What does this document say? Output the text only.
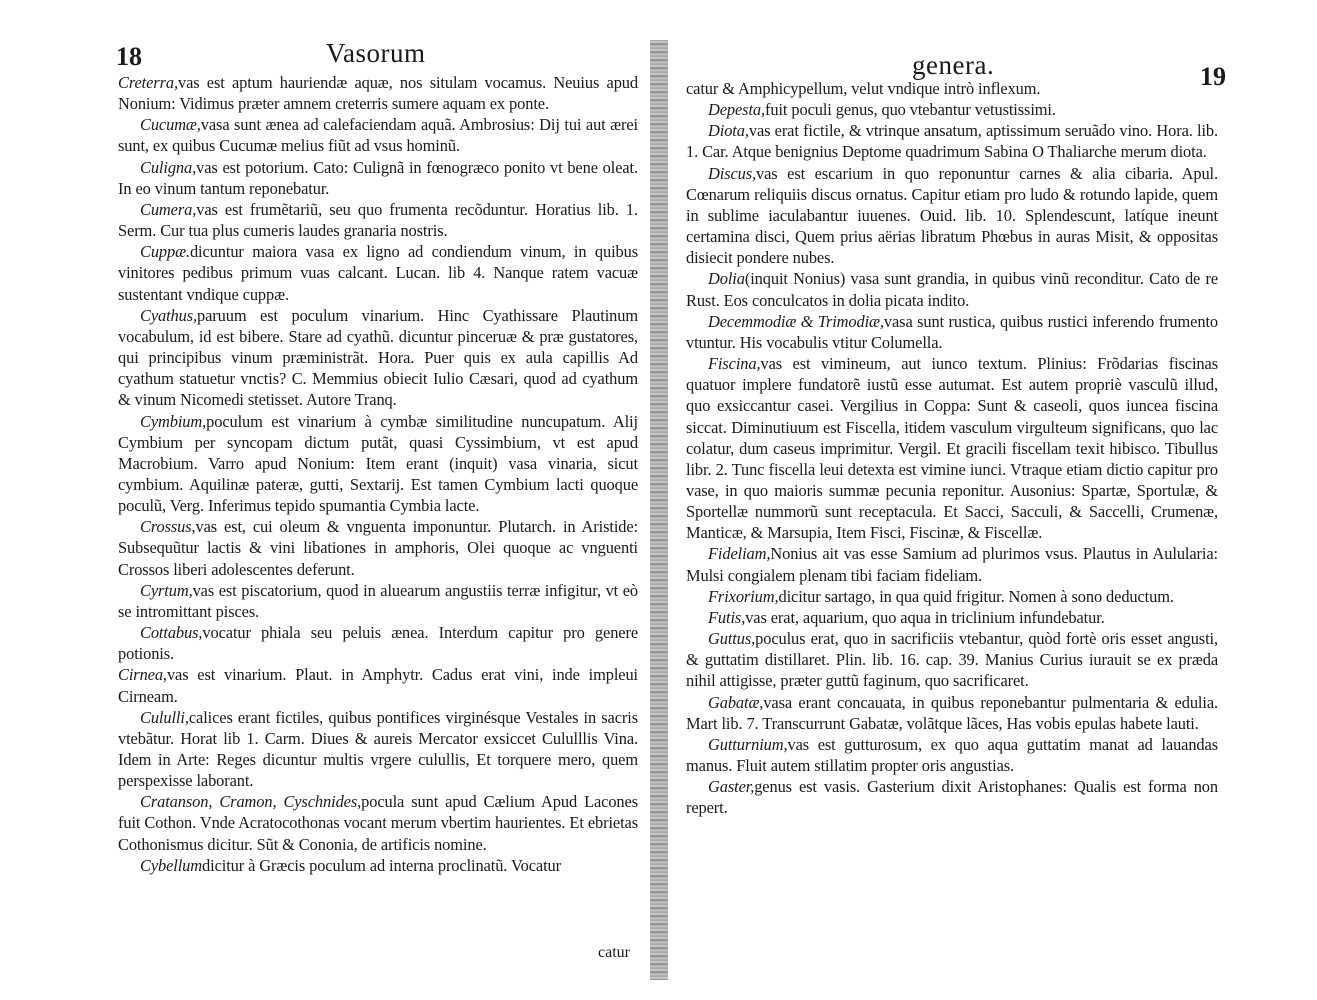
18	Vasorum

Creterra,vas est aptum hauriendæ aquæ, nos situlam vocamus. Neuius apud Nonium: Vidimus præter amnem creterris sumere aquam ex ponte.

Cucumæ,vasa sunt ænea ad calefaciendam aquã. Ambrosius: Dij tui aut ærei sunt, ex quibus Cucumæ melius fiũt ad vsus hominũ.

Culigna,vas est potorium. Cato: Culignã in fœnogræco ponito vt bene oleat. In eo vinum tantum reponebatur.

Cumera,vas est frumẽtariũ, seu quo frumenta recõduntur. Horatius lib. 1. Serm. Cur tua plus cumeris laudes granaria nostris.

Cuppæ.dicuntur maiora vasa ex ligno ad condiendum vinum, in quibus vinitores pedibus primum vuas calcant. Lucan. lib 4. Nanque ratem vacuæ sustentant vndique cuppæ.

Cyathus,paruum est poculum vinarium. Hinc Cyathissare Plautinum vocabulum, id est bibere. Stare ad cyathũ. dicuntur pinceruæ & præ gustatores, qui principibus vinum præministrãt. Hora. Puer quis ex aula capillis Ad cyathum statuetur vnctis? C. Memmius obiecit Iulio Cæsari, quod ad cyathum & vinum Nicomedi stetisset. Autore Tranq.

Cymbium,poculum est vinarium à cymbæ similitudine nuncupatum. Alij Cymbium per syncopam dictum putãt, quasi Cyssimbium, vt est apud Macrobium. Varro apud Nonium: Item erant (inquit) vasa vinaria, sicut cymbium. Aquilinæ pateræ, gutti, Sextarij. Est tamen Cymbium lacti quoque poculũ, Verg. Inferimus tepido spumantia Cymbia lacte.

Crossus,vas est, cui oleum & vnguenta imponuntur. Plutarch. in Aristide: Subsequũtur lactis & vini libationes in amphoris, Olei quoque ac vnguenti Crossos liberi adolescentes deferunt.

Cyrtum,vas est piscatorium, quod in aluearum angustiis terræ infigitur, vt eò se intromittant pisces.

Cottabus,vocatur phiala seu peluis ænea. Interdum capitur pro genere potionis.

Cirnea,vas est vinarium. Plaut. in Amphytr. Cadus erat vini, inde impleui Cirneam.

Cululli,calices erant fictiles, quibus pontifices virginésque Vestales in sacris vtebãtur. Horat lib 1. Carm. Diues & aureis Mercator exsiccet Cululllis Vina. Idem in Arte: Reges dicuntur multis vrgere culullis, Et torquere mero, quem perspexisse laborant.

Cratanson, Cramon, Cyschnides,pocula sunt apud Cælium Apud Lacones fuit Cothon. Vnde Acratocothonas vocant merum vbertim haurientes. Et ebrietas Cothonismus dicitur. Sũt & Cononia, de artificis nomine.

Cybellumdicitur à Græcis poculum ad interna proclinatũ. Vocatur

catur
genera.	19

catur & Amphicypellum, velut vndique intrò inflexum.

Depesta,fuit poculi genus, quo vtebantur vetustissimi.

Diota,vas erat fictile, & vtrinque ansatum, aptissimum seruãdo vino. Hora. lib. 1. Car. Atque benignius Deptome quadrimum Sabina O Thaliarche merum diota.

Discus,vas est escarium in quo reponuntur carnes & alia cibaria. Apul. Cœnarum reliquiis discus ornatus. Capitur etiam pro ludo & rotundo lapide, quem in sublime iaculabantur iuuenes. Ouid. lib. 10. Splendescunt, latíque ineunt certamina disci, Quem prius aërias libratum Phœbus in auras Misit, & oppositas disiecit pondere nubes.

Dolia(inquit Nonius) vasa sunt grandia, in quibus vinũ reconditur. Cato de re Rust. Eos conculcatos in dolia picata indito.

Decemmodiæ & Trimodiæ,vasa sunt rustica, quibus rustici inferendo frumento vtuntur. His vocabulis vtitur Columella.

Fiscina,vas est vimineum, aut iunco textum. Plinius: Frõdarias fiscinas quatuor implere fundatorẽ iustũ esse autumat. Est autem propriè vasculũ illud, quo exsiccantur casei. Vergilius in Coppa: Sunt & caseoli, quos iuncea fiscina siccat. Diminutiuum est Fiscella, itidem vasculum virgulteum significans, quo lac colatur, dum caseus imprimitur. Vergil. Et gracili fiscellam texit hibisco. Tibullus libr. 2. Tunc fiscella leui detexta est vimine iunci. Vtraque etiam dictio capitur pro vase, in quo maioris summæ pecunia reponitur. Ausonius: Spartæ, Sportulæ, & Sportellæ nummorũ sunt receptacula. Et Sacci, Sacculi, & Saccelli, Crumenæ, Manticæ, & Marsupia, Item Fisci, Fiscinæ, & Fiscellæ.

Fideliam,Nonius ait vas esse Samium ad plurimos vsus. Plautus in Aulularia: Mulsi congialem plenam tibi faciam fideliam.

Frixorium,dicitur sartago, in qua quid frigitur. Nomen à sono deductum.

Futis,vas erat, aquarium, quo aqua in triclinium infundebatur.

Guttus,poculus erat, quo in sacrificiis vtebantur, quòd fortè oris esset angusti, & guttatim distillaret. Plin. lib. 16. cap. 39. Manius Curius iurauit se ex præda nihil attigisse, præter guttũ faginum, quo sacrificaret.

Gabatæ,vasa erant concauata, in quibus reponebantur pulmentaria & edulia. Mart lib. 7. Transcurrunt Gabatæ, volãtque lãces, Has vobis epulas habete lauti.

Gutturnium,vas est gutturosum, ex quo aqua guttatim manat ad lauandas manus. Fluit autem stillatim propter oris angustias.

Gaster,genus est vasis. Gasterium dixit Aristophanes: Qualis est forma non repert.
